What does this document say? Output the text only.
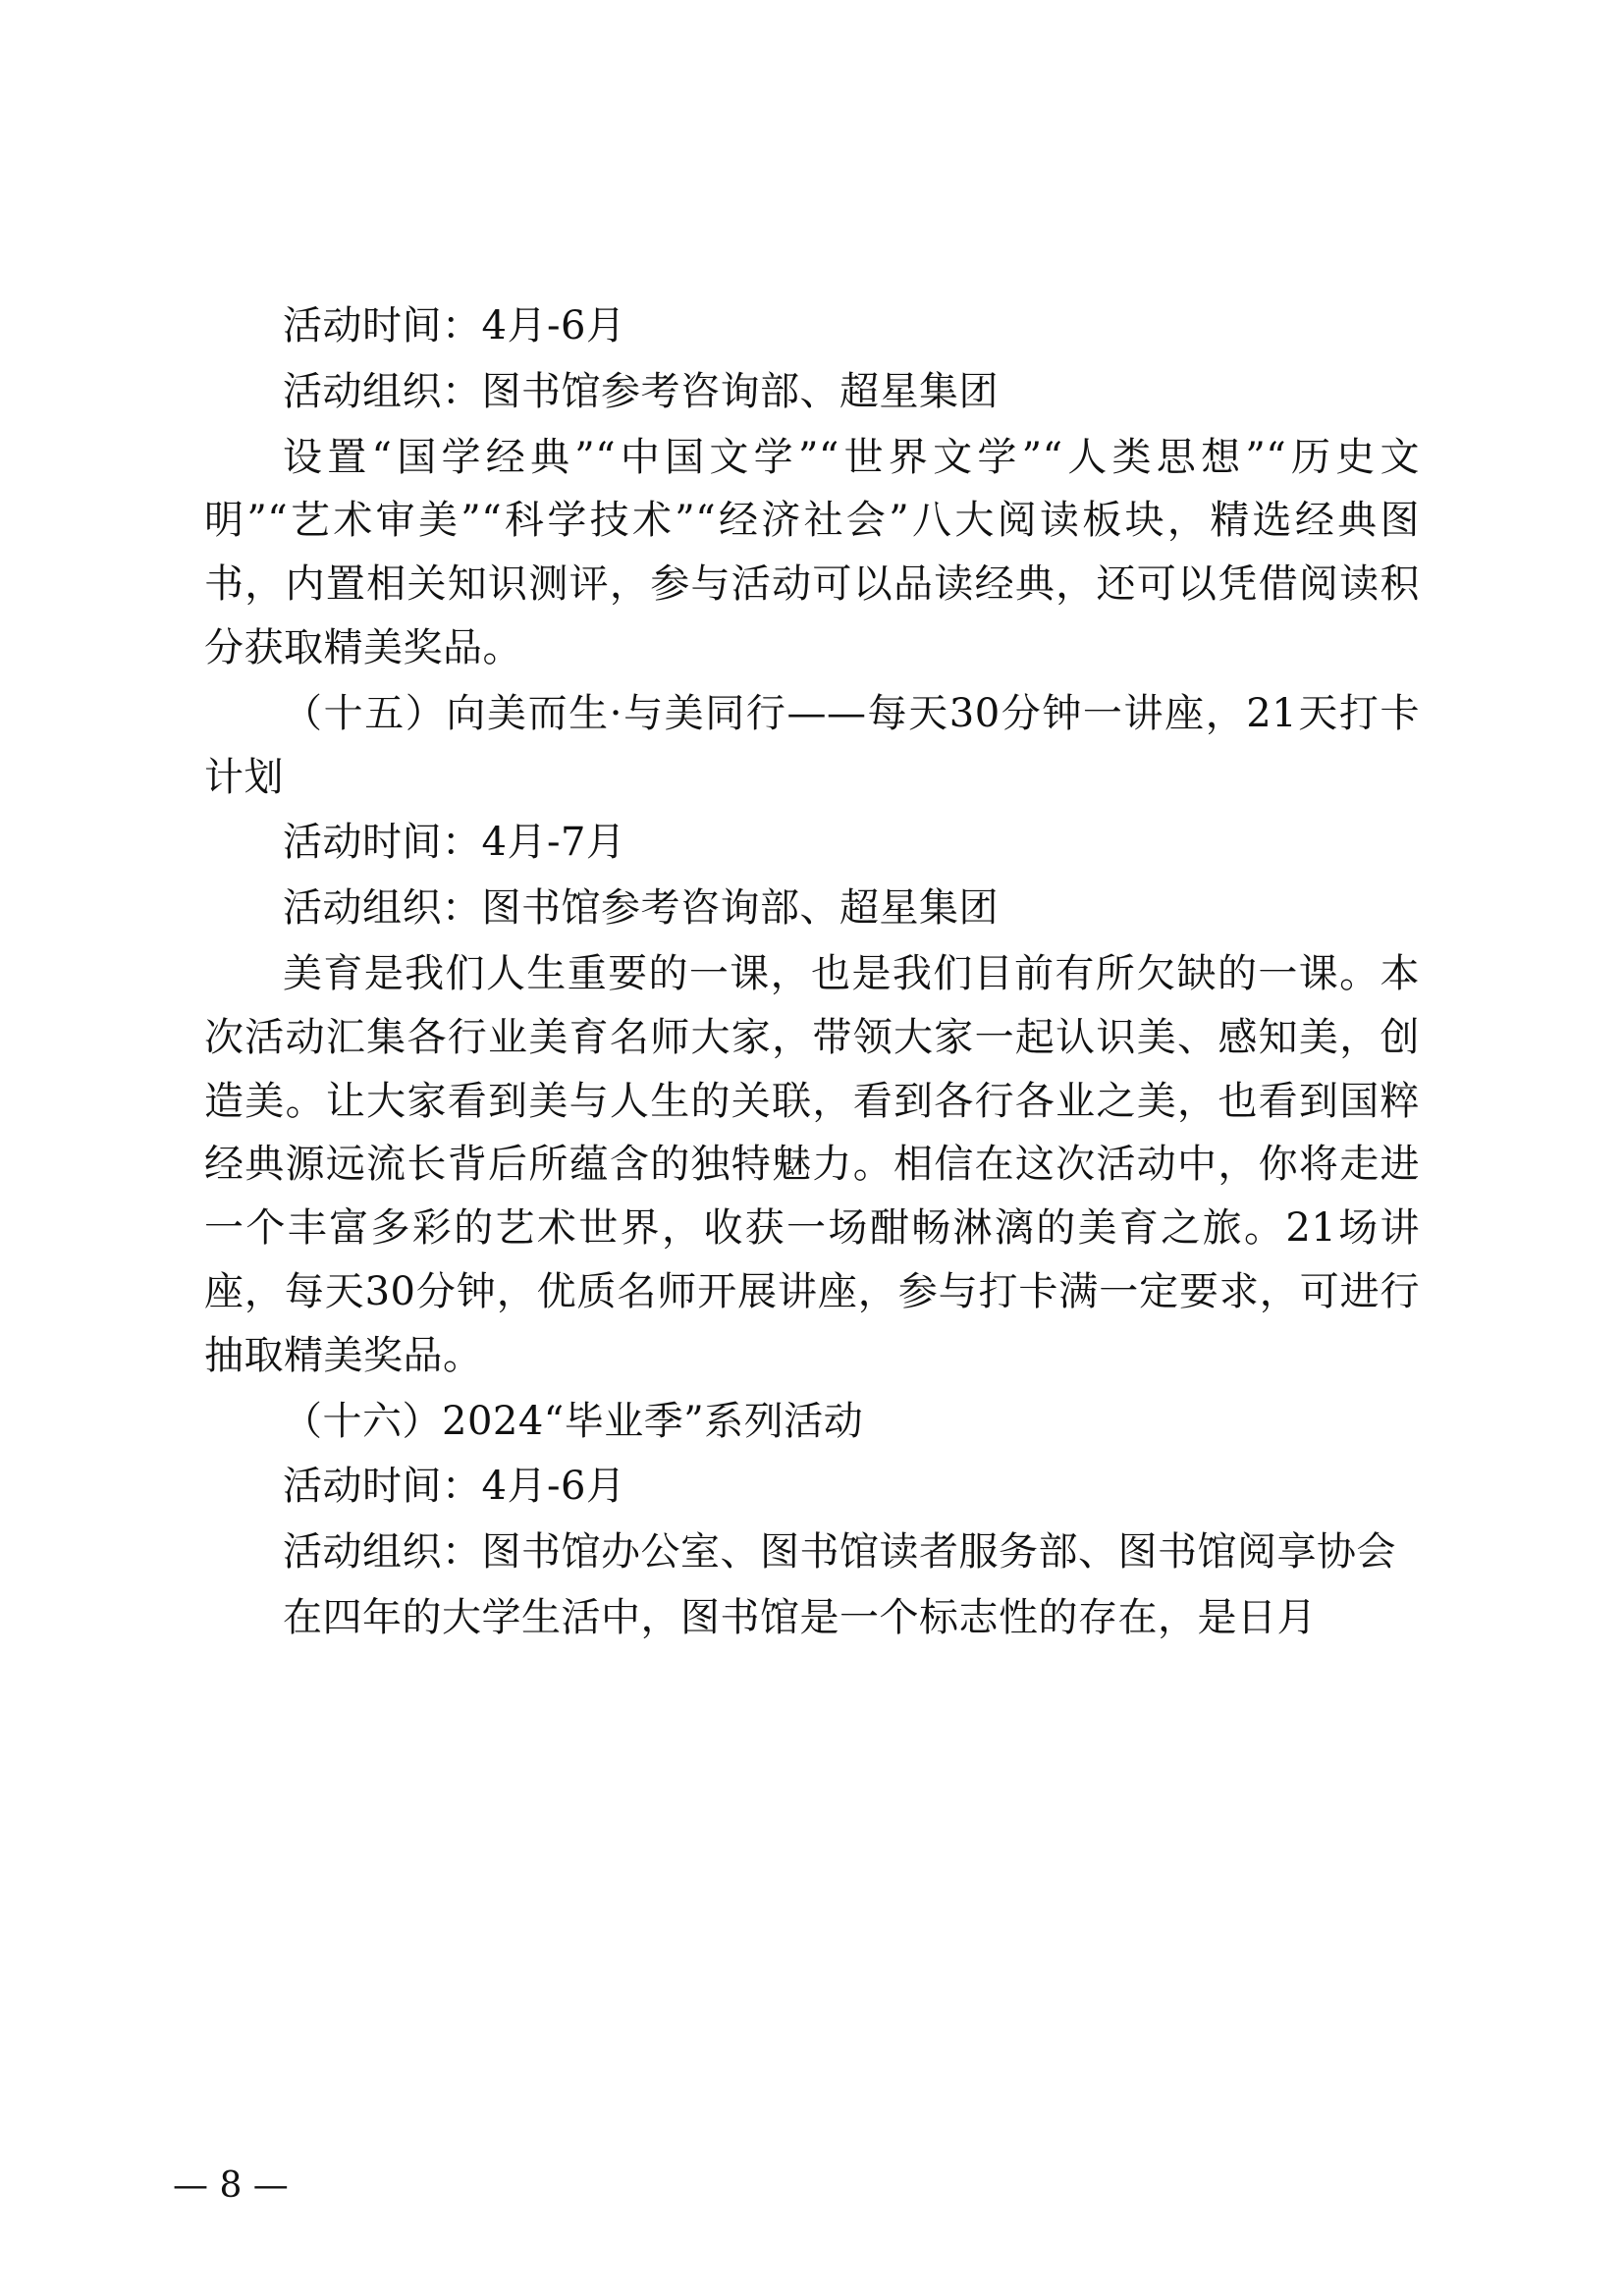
活动时间：4月-6月

活动组织：图书馆参考咨询部、超星集团

设置“国学经典”“中国文学”“世界文学”“人类思想”“历史文明”“艺术审美”“科学技术”“经济社会”八大阅读板块，精选经典图书，内置相关知识测评，参与活动可以品读经典，还可以凭借阅读积分获取精美奖品。

（十五）向美而生·与美同行——每天30分钟一讲座，21天打卡计划

活动时间：4月-7月

活动组织：图书馆参考咨询部、超星集团

美育是我们人生重要的一课，也是我们目前有所欠缺的一课。本次活动汇集各行业美育名师大家，带领大家一起认识美、感知美，创造美。让大家看到美与人生的关联，看到各行各业之美，也看到国粹经典源远流长背后所蕴含的独特魅力。相信在这次活动中，你将走进一个丰富多彩的艺术世界，收获一场酣畅淋漓的美育之旅。21场讲座，每天30分钟，优质名师开展讲座，参与打卡满一定要求，可进行抽取精美奖品。

（十六）2024“毕业季”系列活动

活动时间：4月-6月

活动组织：图书馆办公室、图书馆读者服务部、图书馆阅享协会

在四年的大学生活中，图书馆是一个标志性的存在，是日月

— 8 —
